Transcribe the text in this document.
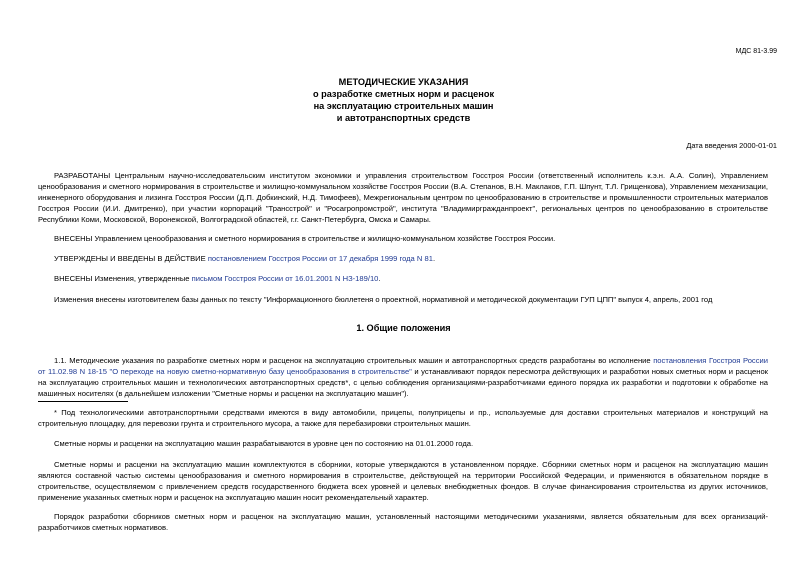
МДС 81-3.99
МЕТОДИЧЕСКИЕ УКАЗАНИЯ
о разработке сметных норм и расценок
на эксплуатацию строительных машин
и автотранспортных средств
Дата введения 2000-01-01
РАЗРАБОТАНЫ Центральным научно-исследовательским институтом экономики и управления строительством Госстроя России (ответственный исполнитель к.э.н. А.А. Солин), Управлением ценообразования и сметного нормирования в строительстве и жилищно-коммунальном хозяйстве Госстроя России (В.А. Степанов, В.Н. Маклаков, Г.П. Шпунт, Т.Л. Грищенкова), Управлением механизации, инженерного оборудования и лизинга Госстроя России (Д.П. Добкинский, Н.Д. Тимофеев), Межрегиональным центром по ценообразованию в строительстве и промышленности строительных материалов Госстроя России (И.И. Дмитренко), при участии корпораций "Трансстрой" и "Росагропромстрой", института "Владимиргражданпроект", региональных центров по ценообразованию в строительстве Республики Коми, Московской, Воронежской, Волгоградской областей, г.г. Санкт-Петербурга, Омска и Самары.
ВНЕСЕНЫ Управлением ценообразования и сметного нормирования в строительстве и жилищно-коммунальном хозяйстве Госстроя России.
УТВЕРЖДЕНЫ И ВВЕДЕНЫ В ДЕЙСТВИЕ постановлением Госстроя России от 17 декабря 1999 года N 81.
ВНЕСЕНЫ Изменения, утвержденные письмом Госстроя России от 16.01.2001 N НЗ-189/10.
Изменения внесены изготовителем базы данных по тексту "Информационного бюллетеня о проектной, нормативной и методической документации ГУП ЦПП" выпуск 4, апрель, 2001 год
1. Общие положения
1.1. Методические указания по разработке сметных норм и расценок на эксплуатацию строительных машин и автотранспортных средств разработаны во исполнение постановления Госстроя России от 11.02.98 N 18-15 "О переходе на новую сметно-нормативную базу ценообразования в строительстве" и устанавливают порядок пересмотра действующих и разработки новых сметных норм и расценок на эксплуатацию строительных машин и технологических автотранспортных средств*, с целью соблюдения организациями-разработчиками единого порядка их разработки и подготовки к обработке на машинных носителях (в дальнейшем изложении "Сметные нормы и расценки на эксплуатацию машин").
* Под технологическими автотранспортными средствами имеются в виду автомобили, прицепы, полуприцепы и пр., используемые для доставки строительных материалов и конструкций на строительную площадку, для перевозки грунта и строительного мусора, а также для перебазировки строительных машин.
Сметные нормы и расценки на эксплуатацию машин разрабатываются в уровне цен по состоянию на 01.01.2000 года.
Сметные нормы и расценки на эксплуатацию машин комплектуются в сборники, которые утверждаются в установленном порядке. Сборники сметных норм и расценок на эксплуатацию машин являются составной частью системы ценообразования и сметного нормирования в строительстве, действующей на территории Российской Федерации, и применяются в обязательном порядке в строительстве, осуществляемом с привлечением средств государственного бюджета всех уровней и целевых внебюджетных фондов. В случае финансирования строительства из других источников, применение указанных сметных норм и расценок на эксплуатацию машин носит рекомендательный характер.
Порядок разработки сборников сметных норм и расценок на эксплуатацию машин, установленный настоящими методическими указаниями, является обязательным для всех организаций-разработчиков сметных нормативов.
